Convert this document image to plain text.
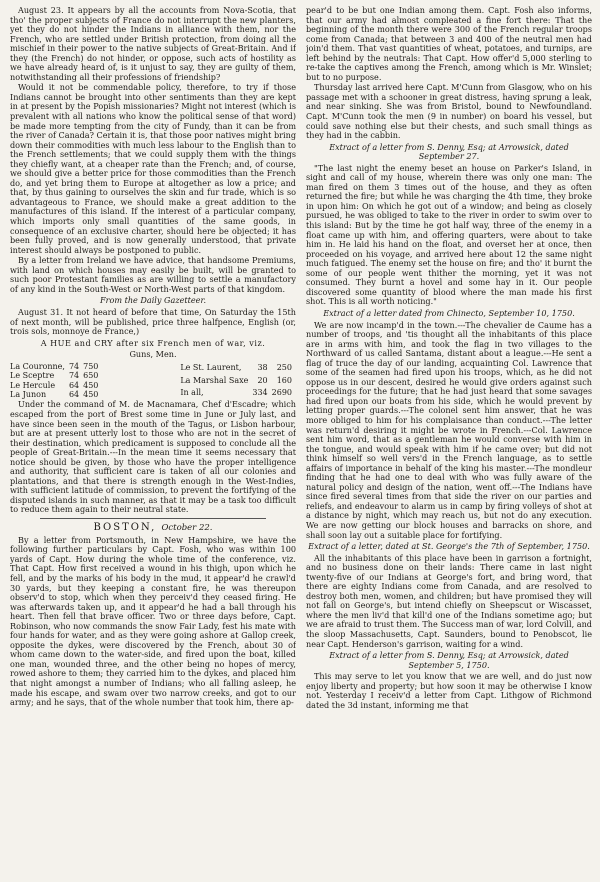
August 23. It appears by all the accounts from Nova-Scotia, that tho' the proper subjects of France do not interrupt the new planters, yet they do not hinder the Indians in alliance with them, nor the French, who are settled under British protection, from doing all the mischief in their power to the native subjects of Great-Britain. And if they (the French) do not hinder, or oppose, such acts of hostility as we have already heard of, is it unjust to say, they are guilty of them, notwithstanding all their professions of friendship?

Would it not be commendable policy, therefore, to try if those Indians cannot be brought into other sentiments than they are kept in at present by the Popish missionaries? Might not interest (which is prevalent with all nations who know the political sense of that word) be made more tempting from the city of Fundy, than it can be from the river of Canada? Certain it is, that those poor natives might bring down their commodities with much less labour to the English than to the French settlements; that we could supply them with the things they chiefly want, at a cheaper rate than the French; and, of course, we should give a better price for those commodities than the French do, and yet bring them to Europe at altogether as low a price; and that, by thus gaining to ourselves the skin and fur trade, which is so advantageous to France, we should make a great addition to the manufactures of this island. If the interest of a particular company, which imports only small quantities of the same goods, in consequence of an exclusive charter, should here be objected; it has been fully proved, and is now generally understood, that private interest should always be postponed to public.

By a letter from Ireland we have advice, that handsome Premiums, with land on which houses may easily be built, will be granted to such poor Protestant families as are willing to settle a manufactory of any kind in the South-West or North-West parts of that kingdom.

From the Daily Gazetteer.

August 31. It not heard of before that time, On Saturday the 15th of next month, will be published, price three halfpence, English (or, trois sols, monnoye de France,)

A HUE and CRY after six French men of war, viz.

Guns, Men.

La Couronne,	74	750
Le Sceptre	74	650
Le Hercule	64	450
La Junon	64	450
Le St. Laurent,	38	250
La Marshal Saxe	20	160
In all,	334	2690

Under the command of M. de Macnamara, Chef d'Escadre; which escaped from the port of Brest some time in June or July last, and have since been seen in the mouth of the Tagus, or Lisbon harbour, but are at present utterly lost to those who are not in the secret of their destination, which predicament is supposed to conclude all the people of Great-Britain.---In the mean time it seems necessary that notice should be given, by those who have the proper intelligence and authority, that sufficient care is taken of all our colonies and plantations, and that there is strength enough in the West-Indies, with sufficient latitude of commission, to prevent the fortifying of the disputed islands in such manner, as that it may be a task too difficult to reduce them again to their neutral state.

BOSTON, October 22.

By a letter from Portsmouth, in New Hampshire, we have the following further particulars by Capt. Fosh, who was within 100 yards of Capt. How during the whole time of the conference, viz. That Capt. How first received a wound in his thigh, upon which he fell, and by the marks of his body in the mud, it appear'd he crawl'd 30 yards, but they keeping a constant fire, he was thereupon observ'd to stop, which when they perceiv'd they ceased firing. He was afterwards taken up, and it appear'd he had a ball through his heart. Then fell that brave officer. Two or three days before, Capt. Robinson, who now commands the snow Fair Lady, fest his mate with four hands for water, and as they were going ashore at Gallop creek, opposite the dykes, were discovered by the French, about 30 of whom came down to the water-side, and fired upon the boat, killed one man, wounded three, and the other being no hopes of mercy, rowed ashore to them; they carried him to the dykes, and placed him that night amongst a number of Indians; who all falling asleep, he made his escape, and swam over two narrow creeks, and got to our army; and he says, that of the whole number that took him, there ap-

pear'd to be but one Indian among them. Capt. Fosh also informs, that our army had almost compleated a fine fort there: That the beginning of the month there were 300 of the French regular troops come from Canada; that between 3 and 400 of the neutral men had join'd them. That vast quantities of wheat, potatoes, and turnips, are left behind by the neutrals: That Capt. How offer'd 5,000 sterling to re-take the captives among the French, among which is Mr. Winslet; but to no purpose.

Thursday last arrived here Capt. M'Cunn from Glasgow, who on his passage met with a schooner in great distress, having sprung a leak, and near sinking. She was from Bristol, bound to Newfoundland. Capt. M'Cunn took the men (9 in number) on board his vessel, but could save nothing else but their chests, and such small things as they had in the cabbin.

Extract of a letter from S. Denny, Esq; at Arrowsick, dated September 27.

"The last night the enemy beset an house on Parker's Island, in sight and call of my house, wherein there was only one man: The man fired on them 3 times out of the house, and they as often returned the fire; but while he was charging the 4th time, they broke in upon him: On which he got out of a window; and being as closely pursued, he was obliged to take to the river in order to swim over to this island: But by the time he got half way, three of the enemy in a float came up with him, and offering quarters, were about to take him in. He laid his hand on the float, and overset her at once, then proceeded on his voyage, and arrived here about 12 the same night much fatigued. The enemy set the house on fire; and tho' it burnt the some of our people went thither the morning, yet it was not consumed. They burnt a hovel and some hay in it. Our people discovered some quantity of blood where the man made his first shot. This is all worth noticing."

Extract of a letter dated from Chinecto, September 10, 1750.

We are now incamp'd in the town.---The chevalier de Caume has a number of troops, and 'tis thought all the inhabitants of this place are in arms with him, and took the flag in two villages to the Northward of us called Santama, distant about a league.---He sent a flag of truce the day of our landing, acquainting Col. Lawrence that some of the seamen had fired upon his troops, which, as he did not oppose us in our descent, desired he would give orders against such proceedings for the future; that he had just heard that some savages had fired upon our boats from his side, which he would prevent by letting proper guards.---The colonel sent him answer, that he was more obliged to him for his complaisance than conduct.---The letter was return'd desiring it might be wrote in French.---Col. Lawrence sent him word, that as a gentleman he would converse with him in the tongue, and would speak with him if he came over; but did not think himself so well vers'd in the French language, as to settle affairs of importance in behalf of the king his master.---The mondleur finding that he had one to deal with who was fully aware of the natural policy and design of the nation, went off.---The Indians have since fired several times from that side the river on our parties and reliefs, and endeavour to alarm us in camp by firing volleys of shot at a distance by night, which may reach us, but not do any execution. We are now getting our block houses and barracks on shore, and shall soon lay out a suitable place for fortifying.

Extract of a letter, dated at St. George's the 7th of September, 1750.

All the inhabitants of this place have been in garrison a fortnight, and no business done on their lands: There came in last night twenty-five of our Indians at George's fort, and bring word, that there are eighty Indians come from Canada, and are resolved to destroy both men, women, and children; but have promised they will not fall on George's, but intend chiefly on Sheepscut or Wiscasset, where the men liv'd that kill'd one of the Indians sometime ago; but we are afraid to trust them. The Success man of war, lord Colvill, and the sloop Massachusetts, Capt. Saunders, bound to Penobscot, lie near Capt. Henderson's garrison, waiting for a wind.

Extract of a letter from S. Denny, Esq; at Arrowsick, dated September 5, 1750.

This may serve to let you know that we are well, and do just now enjoy liberty and property; but how soon it may be otherwise I know not. Yesterday I receiv'd a letter from Capt. Lithgow of Richmond dated the 3d instant, informing me that
